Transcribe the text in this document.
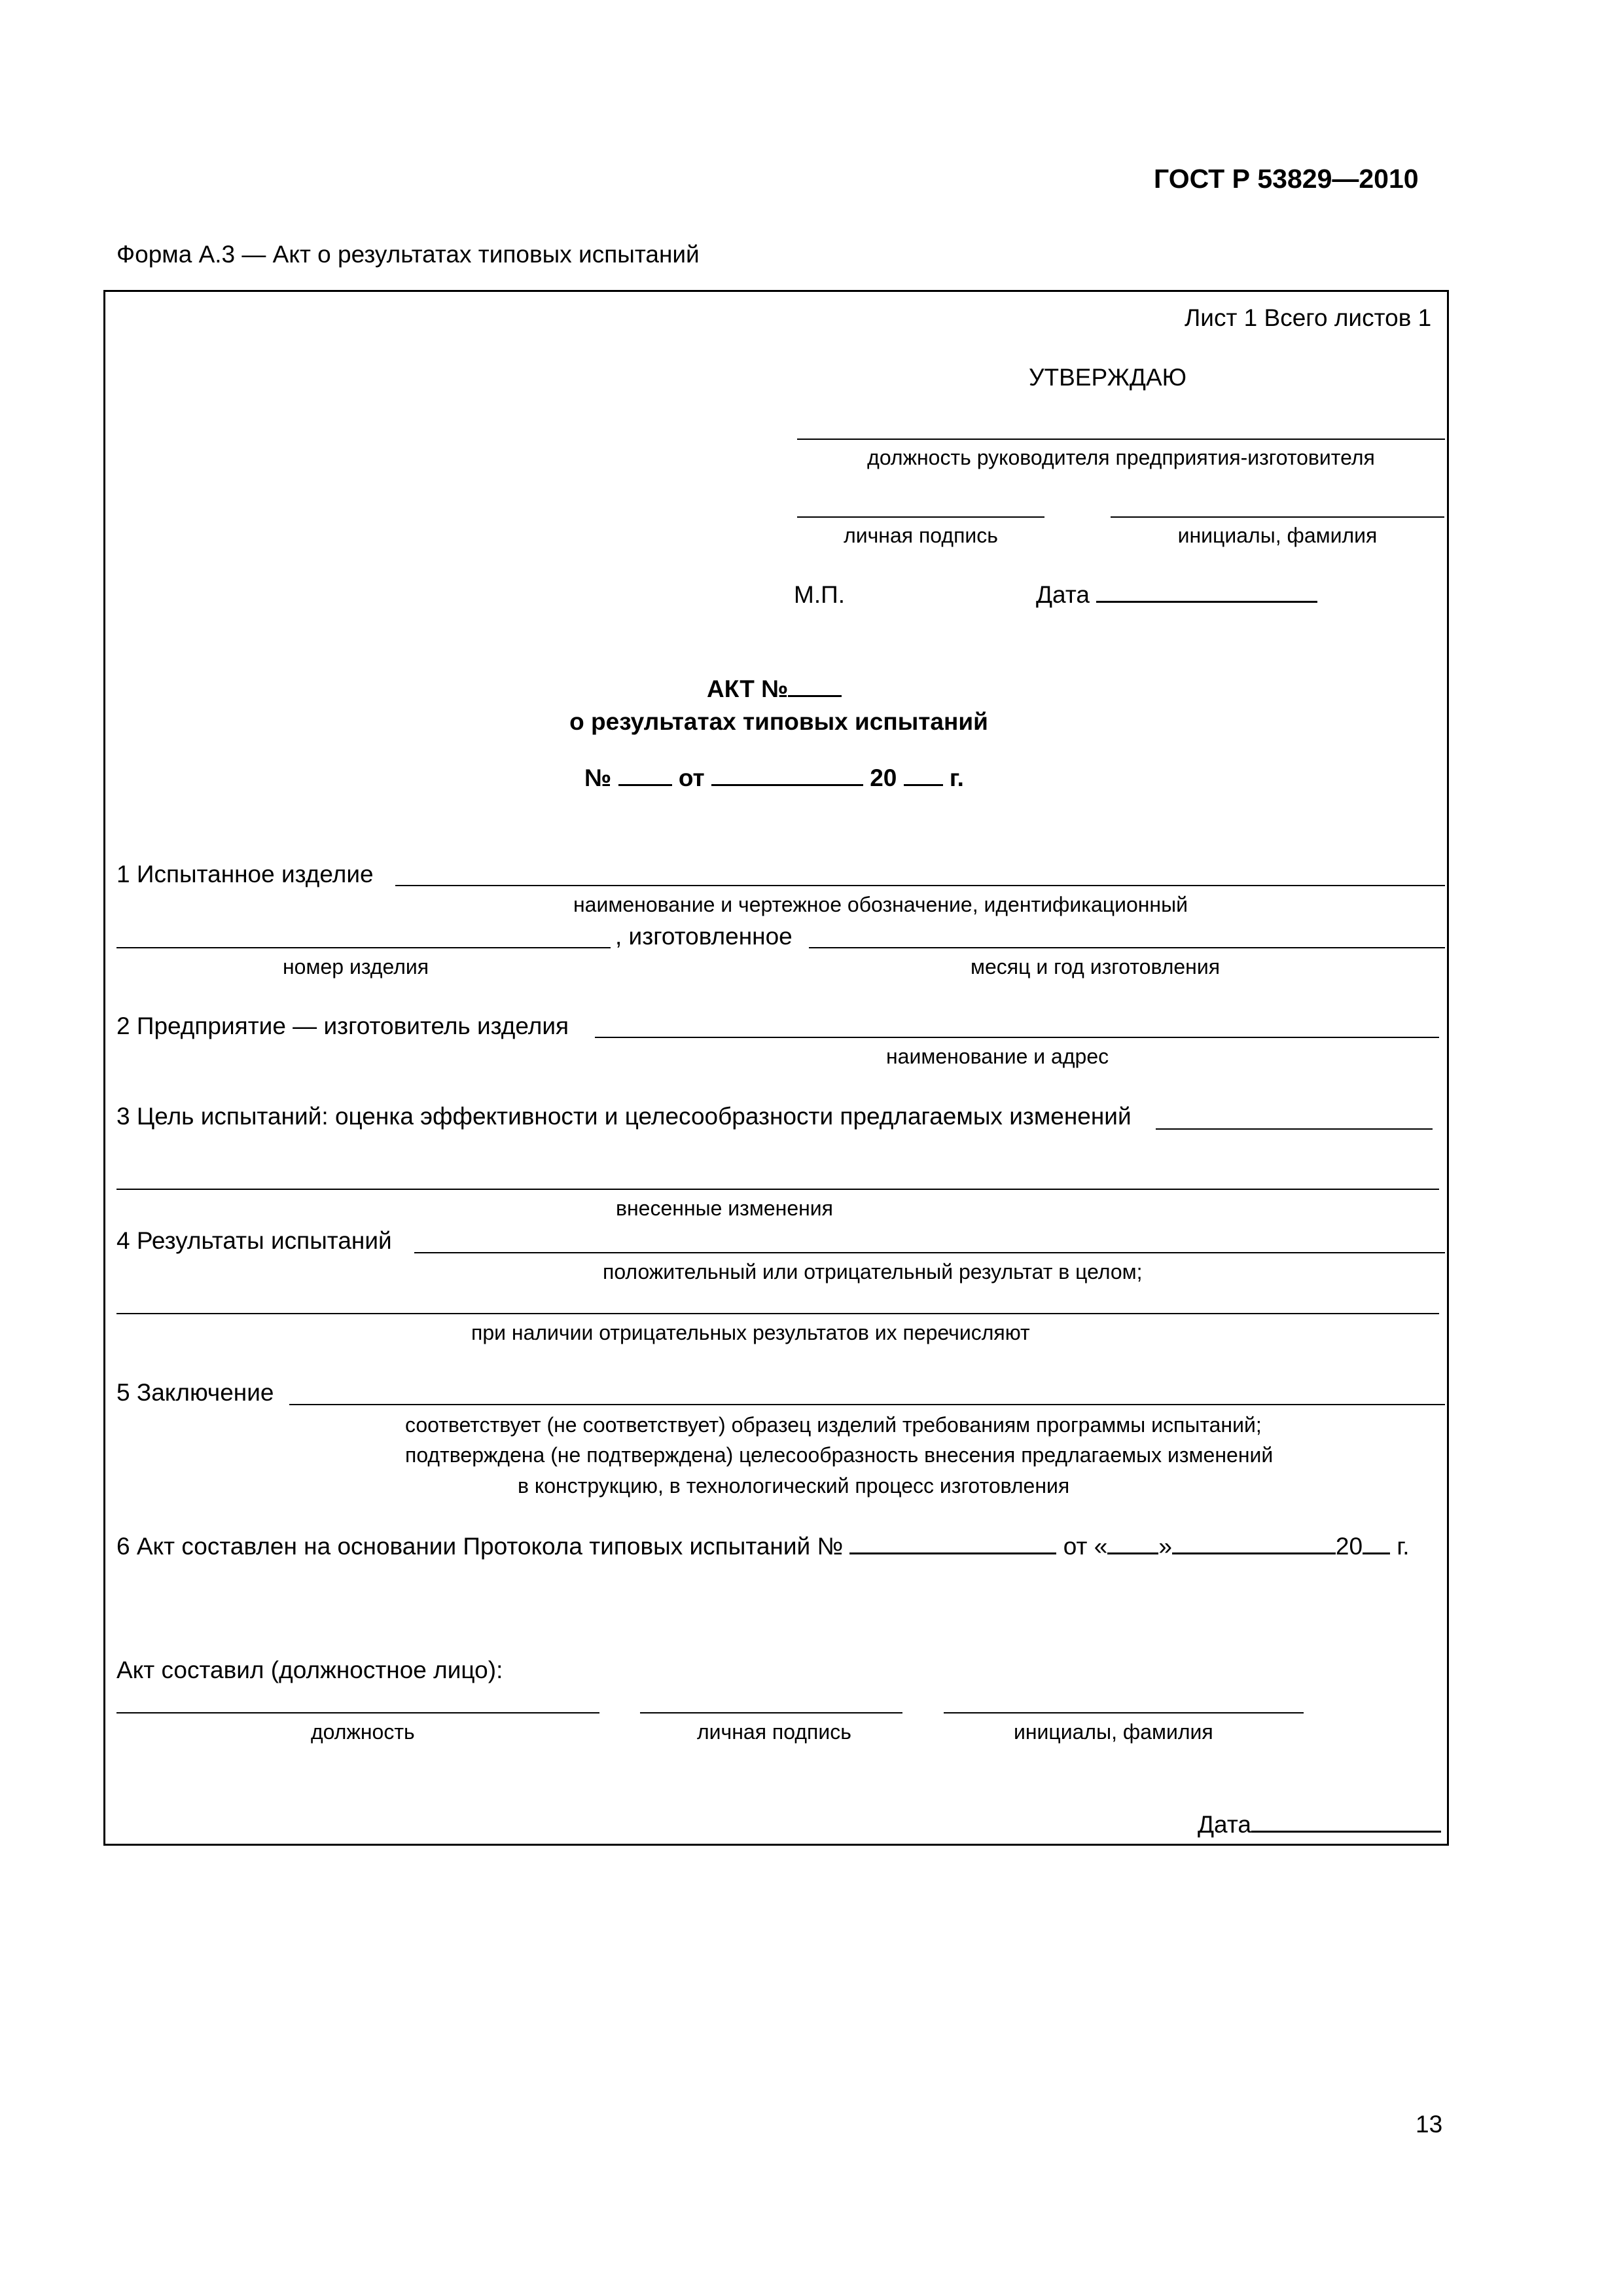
ГОСТ Р 53829—2010
Форма А.3 — Акт о результатах типовых испытаний
Лист 1 Всего листов 1
УТВЕРЖДАЮ
должность руководителя предприятия-изготовителя
личная подпись	инициалы, фамилия
М.П.	Дата
АКТ №
о результатах типовых испытаний
№	от	20 г.
1 Испытанное изделие
наименование и чертежное обозначение, идентификационный
, изготовленное
номер изделия	месяц и год изготовления
2 Предприятие — изготовитель изделия
наименование и адрес
3 Цель испытаний: оценка эффективности и целесообразности предлагаемых изменений
внесенные изменения
4 Результаты испытаний
положительный или отрицательный результат в целом;
при наличии отрицательных результатов их перечисляют
5 Заключение
соответствует (не соответствует) образец изделий требованиям программы испытаний;
подтверждена (не подтверждена) целесообразность внесения предлагаемых изменений
в конструкцию, в технологический процесс изготовления
6 Акт составлен на основании Протокола типовых испытаний №	от « »	20 г.
Акт составил (должностное лицо):
должность	личная подпись	инициалы, фамилия
Дата
13
